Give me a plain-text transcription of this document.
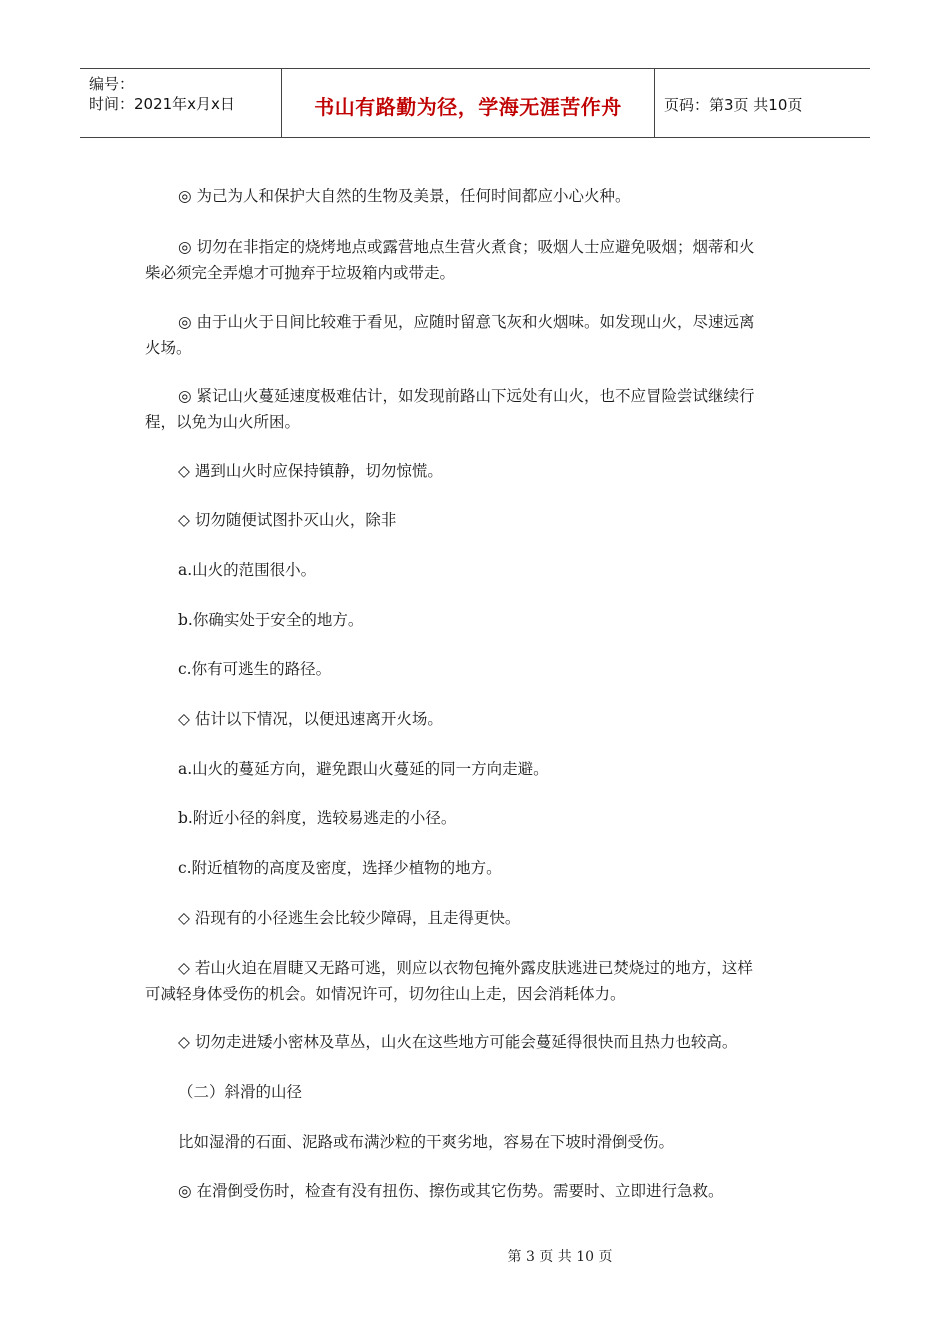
编号：
时间：2021年x月x日	书山有路勤为径，学海无涯苦作舟	页码：第3页 共10页
◎ 为己为人和保护大自然的生物及美景，任何时间都应小心火种。
◎ 切勿在非指定的烧烤地点或露营地点生营火煮食；吸烟人士应避免吸烟；烟蒂和火
柴必须完全弄熄才可抛弃于垃圾箱内或带走。
◎ 由于山火于日间比较难于看见，应随时留意飞灰和火烟味。如发现山火，尽速远离
火场。
◎ 紧记山火蔓延速度极难估计，如发现前路山下远处有山火，也不应冒险尝试继续行
程，以免为山火所困。
◇ 遇到山火时应保持镇静，切勿惊慌。
◇ 切勿随便试图扑灭山火，除非
a.山火的范围很小。
b.你确实处于安全的地方。
c.你有可逃生的路径。
◇ 估计以下情况，以便迅速离开火场。
a.山火的蔓延方向，避免跟山火蔓延的同一方向走避。
b.附近小径的斜度，选较易逃走的小径。
c.附近植物的高度及密度，选择少植物的地方。
◇ 沿现有的小径逃生会比较少障碍，且走得更快。
◇ 若山火迫在眉睫又无路可逃，则应以衣物包掩外露皮肤逃进已焚烧过的地方，这样
可减轻身体受伤的机会。如情况许可，切勿往山上走，因会消耗体力。
◇ 切勿走进矮小密林及草丛，山火在这些地方可能会蔓延得很快而且热力也较高。
（二）斜滑的山径
比如湿滑的石面、泥路或布满沙粒的干爽劣地，容易在下坡时滑倒受伤。
◎ 在滑倒受伤时，检查有没有扭伤、擦伤或其它伤势。需要时、立即进行急救。
第 3 页 共 10 页
